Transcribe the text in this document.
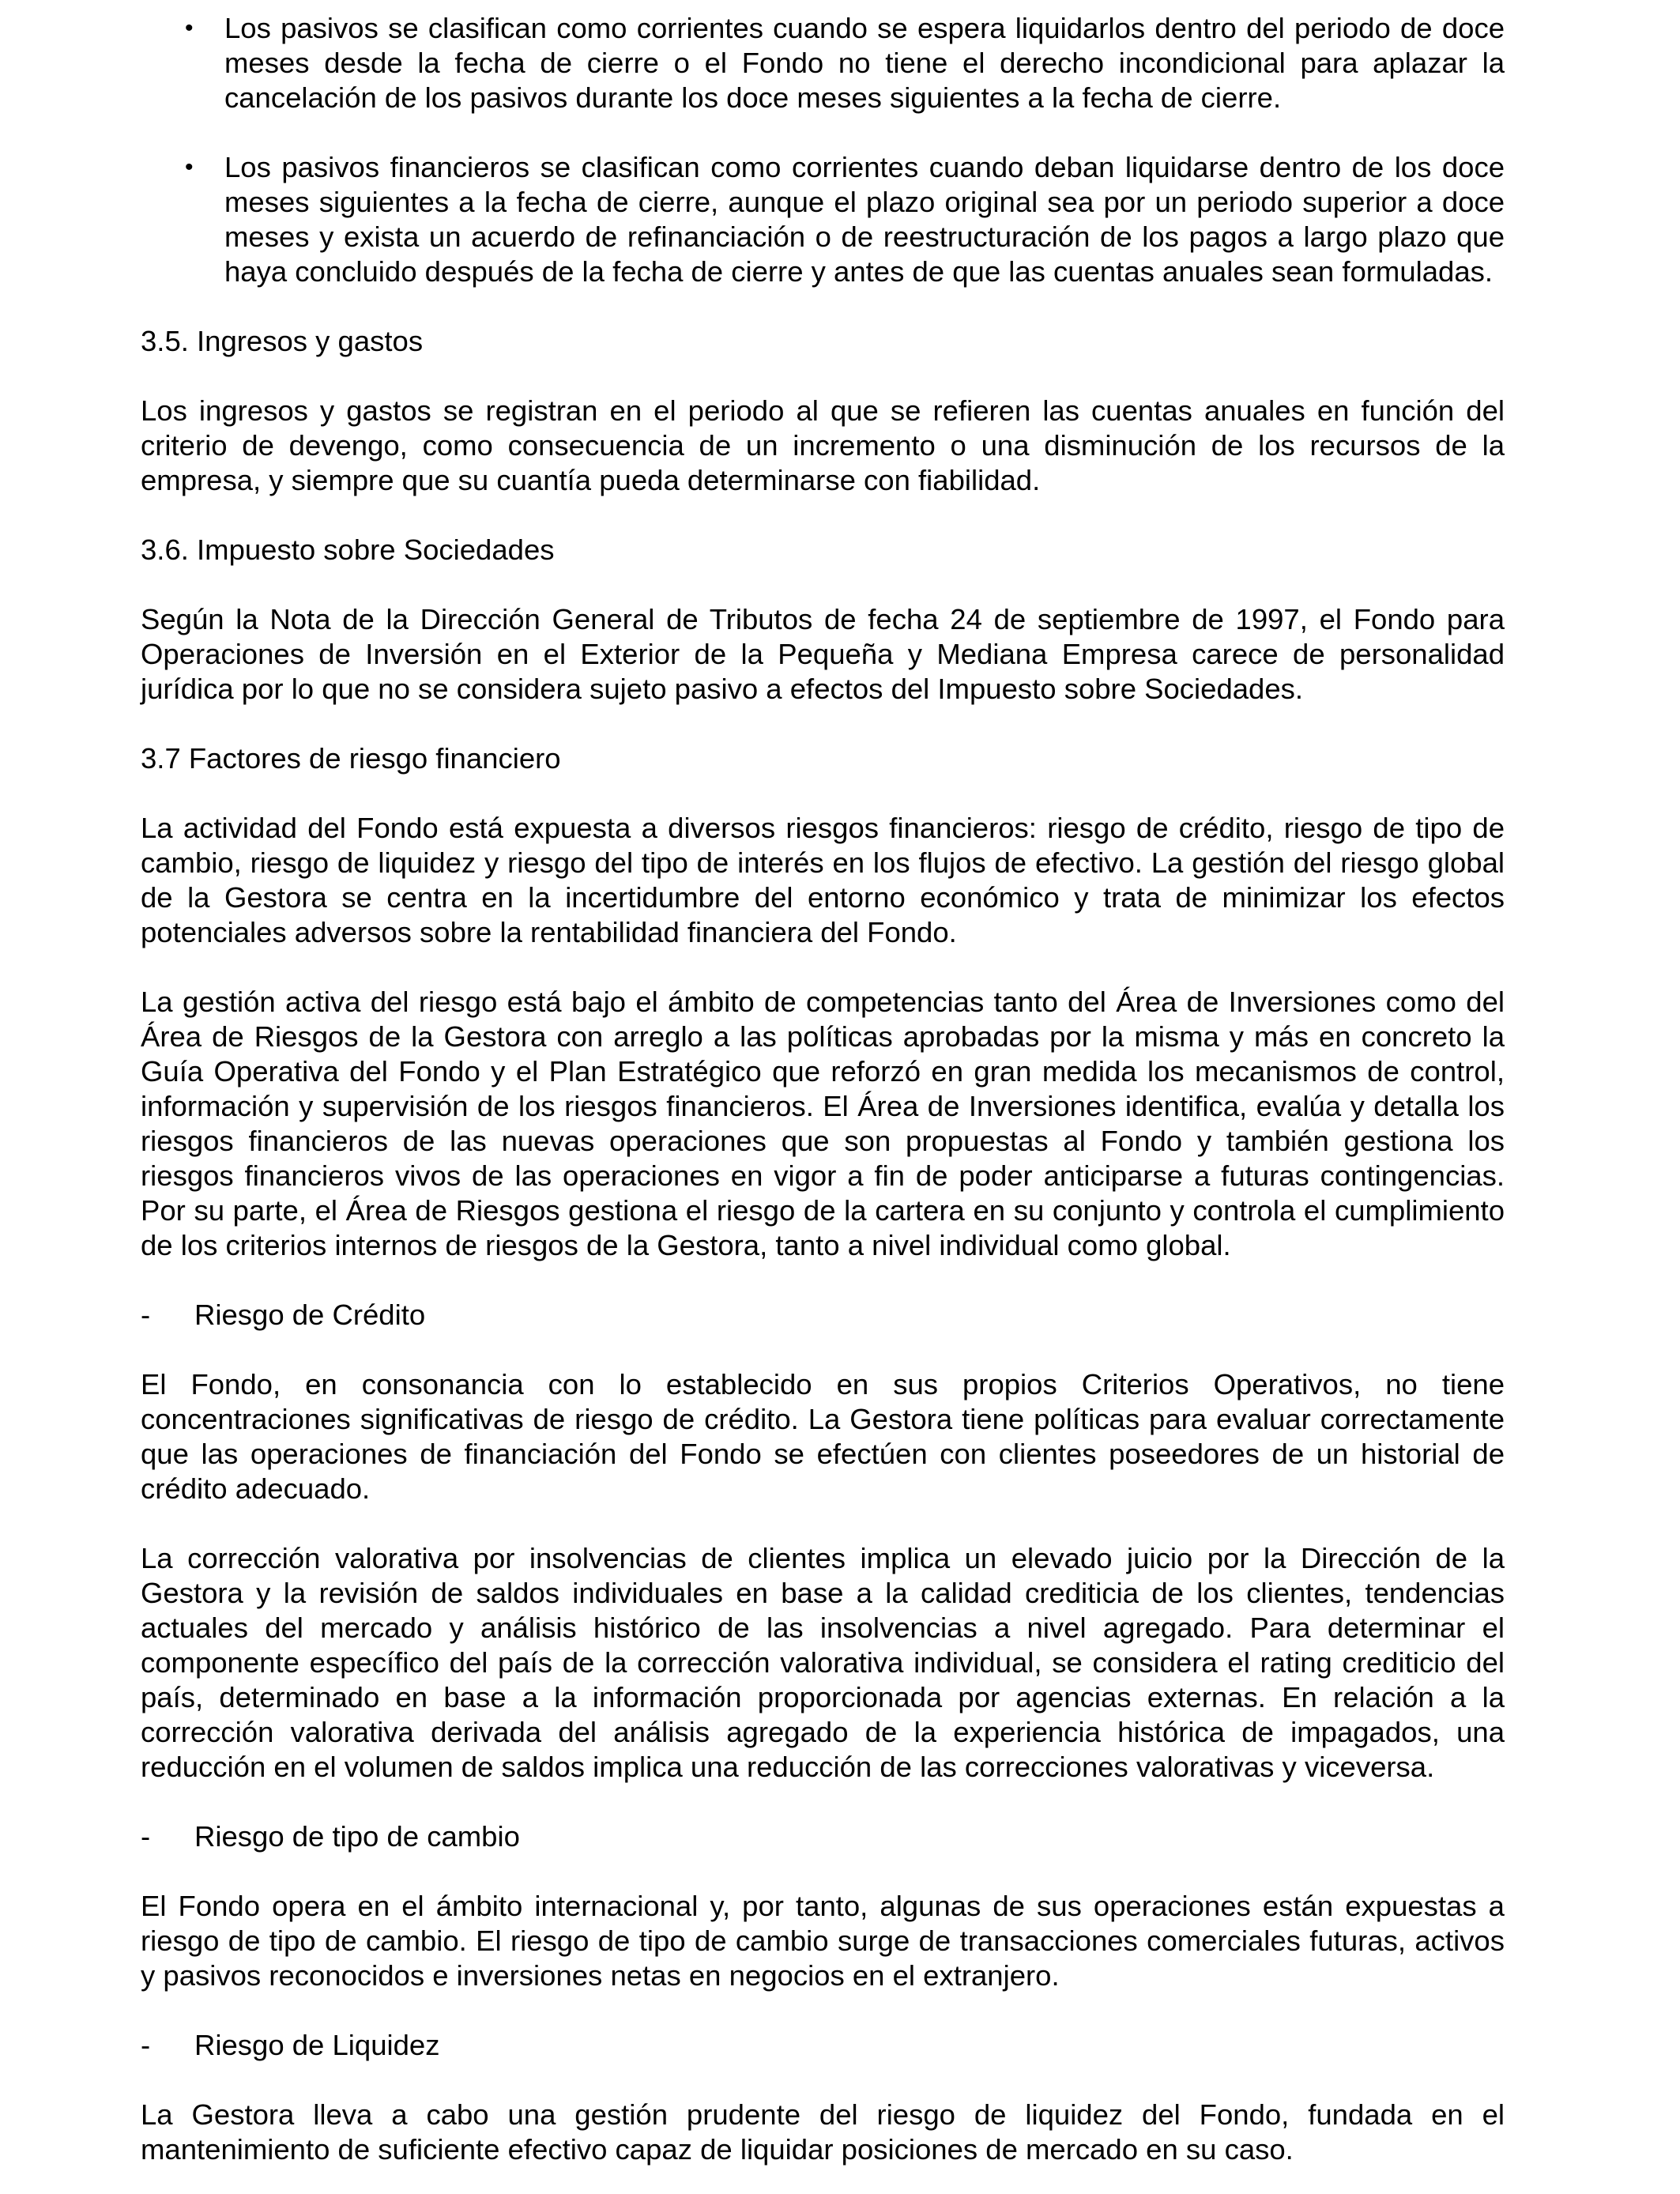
• Los pasivos se clasifican como corrientes cuando se espera liquidarlos dentro del periodo de doce meses desde la fecha de cierre o el Fondo no tiene el derecho incondicional para aplazar la cancelación de los pasivos durante los doce meses siguientes a la fecha de cierre.
• Los pasivos financieros se clasifican como corrientes cuando deban liquidarse dentro de los doce meses siguientes a la fecha de cierre, aunque el plazo original sea por un periodo superior a doce meses y exista un acuerdo de refinanciación o de reestructuración de los pagos a largo plazo que haya concluido después de la fecha de cierre y antes de que las cuentas anuales sean formuladas.
3.5. Ingresos y gastos

Los ingresos y gastos se registran en el periodo al que se refieren las cuentas anuales en función del criterio de devengo, como consecuencia de un incremento o una disminución de los recursos de la empresa, y siempre que su cuantía pueda determinarse con fiabilidad.

3.6. Impuesto sobre Sociedades

Según la Nota de la Dirección General de Tributos de fecha 24 de septiembre de 1997, el Fondo para Operaciones de Inversión en el Exterior de la Pequeña y Mediana Empresa carece de personalidad jurídica por lo que no se considera sujeto pasivo a efectos del Impuesto sobre Sociedades.

3.7 Factores de riesgo financiero

La actividad del Fondo está expuesta a diversos riesgos financieros: riesgo de crédito, riesgo de tipo de cambio, riesgo de liquidez y riesgo del tipo de interés en los flujos de efectivo. La gestión del riesgo global de la Gestora se centra en la incertidumbre del entorno económico y trata de minimizar los efectos potenciales adversos sobre la rentabilidad financiera del Fondo.

La gestión activa del riesgo está bajo el ámbito de competencias tanto del Área de Inversiones como del Área de Riesgos de la Gestora con arreglo a las políticas aprobadas por la misma y más en concreto la Guía Operativa del Fondo y el Plan Estratégico que reforzó en gran medida los mecanismos de control, información y supervisión de los riesgos financieros. El Área de Inversiones identifica, evalúa y detalla los riesgos financieros de las nuevas operaciones que son propuestas al Fondo y también gestiona los riesgos financieros vivos de las operaciones en vigor a fin de poder anticiparse a futuras contingencias. Por su parte, el Área de Riesgos gestiona el riesgo de la cartera en su conjunto y controla el cumplimiento de los criterios internos de riesgos de la Gestora, tanto a nivel individual como global.

- Riesgo de Crédito

El Fondo, en consonancia con lo establecido en sus propios Criterios Operativos, no tiene concentraciones significativas de riesgo de crédito. La Gestora tiene políticas para evaluar correctamente que las operaciones de financiación del Fondo se efectúen con clientes poseedores de un historial de crédito adecuado.

La corrección valorativa por insolvencias de clientes implica un elevado juicio por la Dirección de la Gestora y la revisión de saldos individuales en base a la calidad crediticia de los clientes, tendencias actuales del mercado y análisis histórico de las insolvencias a nivel agregado. Para determinar el componente específico del país de la corrección valorativa individual, se considera el rating crediticio del país, determinado en base a la información proporcionada por agencias externas. En relación a la corrección valorativa derivada del análisis agregado de la experiencia histórica de impagados, una reducción en el volumen de saldos implica una reducción de las correcciones valorativas y viceversa.

- Riesgo de tipo de cambio

El Fondo opera en el ámbito internacional y, por tanto, algunas de sus operaciones están expuestas a riesgo de tipo de cambio. El riesgo de tipo de cambio surge de transacciones comerciales futuras, activos y pasivos reconocidos e inversiones netas en negocios en el extranjero.

- Riesgo de Liquidez

La Gestora lleva a cabo una gestión prudente del riesgo de liquidez del Fondo, fundada en el mantenimiento de suficiente efectivo capaz de liquidar posiciones de mercado en su caso.
